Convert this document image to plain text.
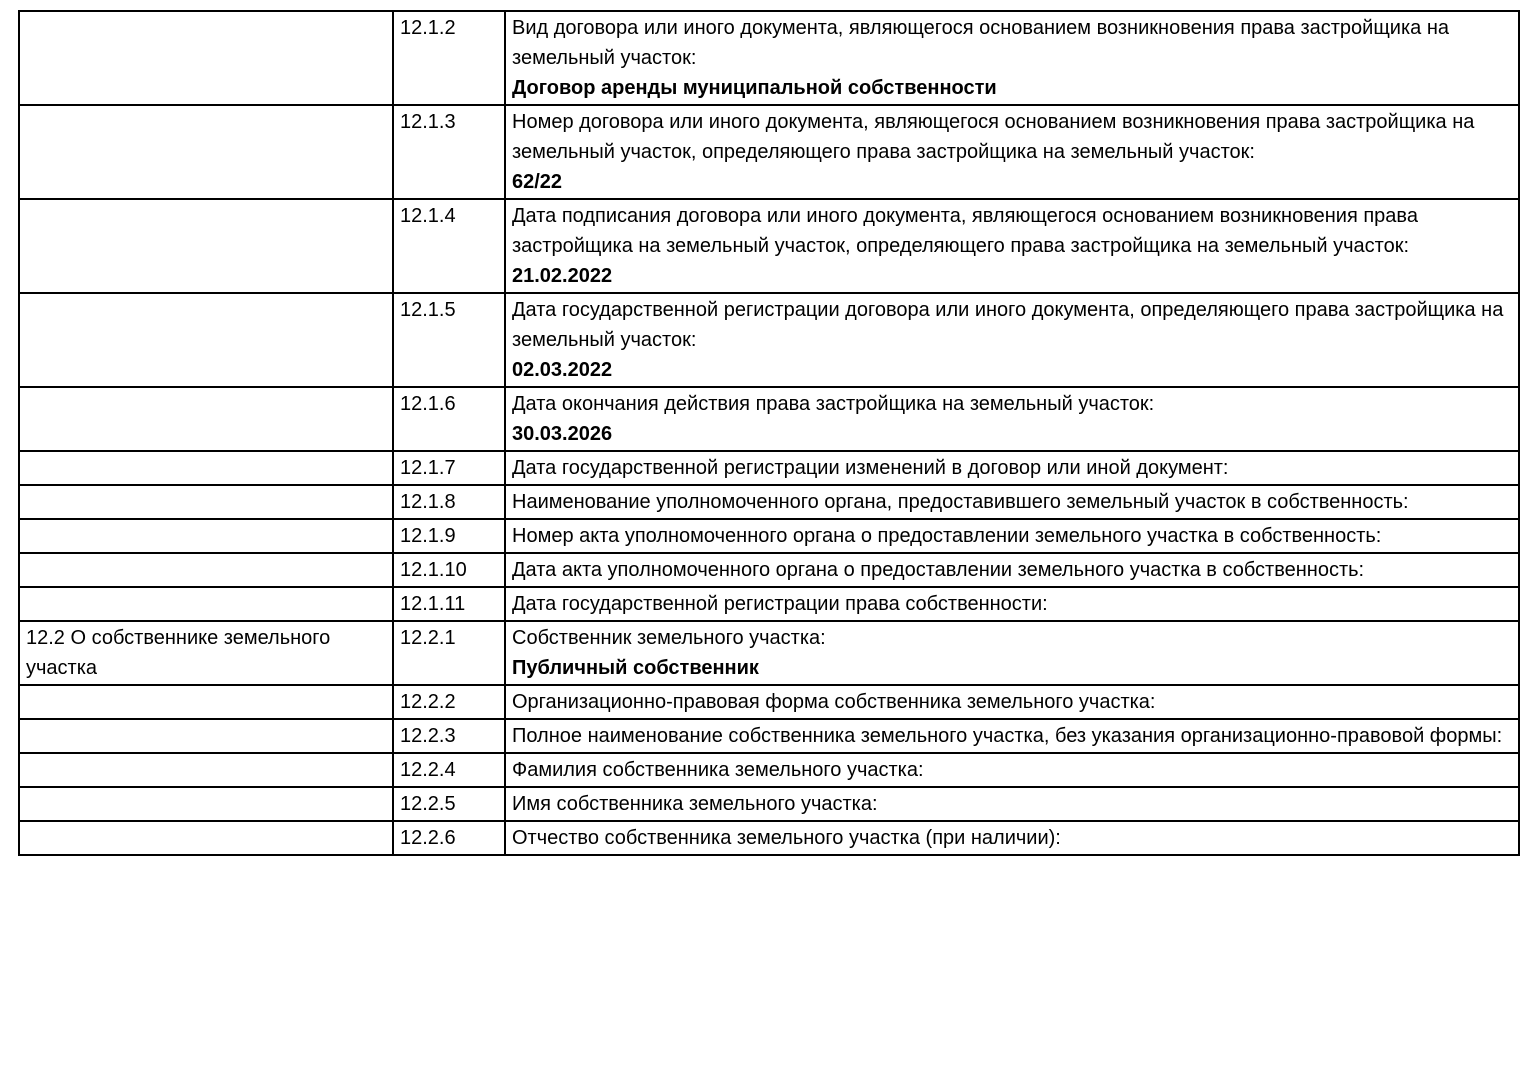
	12.1.2	Вид договора или иного документа, являющегося основанием возникновения права застройщика на земельный участок:
Договор аренды муниципальной собственности

	12.1.3	Номер договора или иного документа, являющегося основанием возникновения права застройщика на земельный участок, определяющего права застройщика на земельный участок:
62/22

	12.1.4	Дата подписания договора или иного документа, являющегося основанием возникновения права застройщика на земельный участок, определяющего права застройщика на земельный участок:
21.02.2022

	12.1.5	Дата государственной регистрации договора или иного документа, определяющего права застройщика на земельный участок:
02.03.2022

	12.1.6	Дата окончания действия права застройщика на земельный участок:
30.03.2026

	12.1.7	Дата государственной регистрации изменений в договор или иной документ:
	12.1.8	Наименование уполномоченного органа, предоставившего земельный участок в собственность:
	12.1.9	Номер акта уполномоченного органа о предоставлении земельного участка в собственность:
	12.1.10	Дата акта уполномоченного органа о предоставлении земельного участка в собственность:
	12.1.11	Дата государственной регистрации права собственности:
12.2 О собственнике земельного участка	12.2.1	Собственник земельного участка:
Публичный собственник

	12.2.2	Организационно-правовая форма собственника земельного участка:
	12.2.3	Полное наименование собственника земельного участка, без указания организационно-правовой формы:
	12.2.4	Фамилия собственника земельного участка:
	12.2.5	Имя собственника земельного участка:
	12.2.6	Отчество собственника земельного участка (при наличии):
